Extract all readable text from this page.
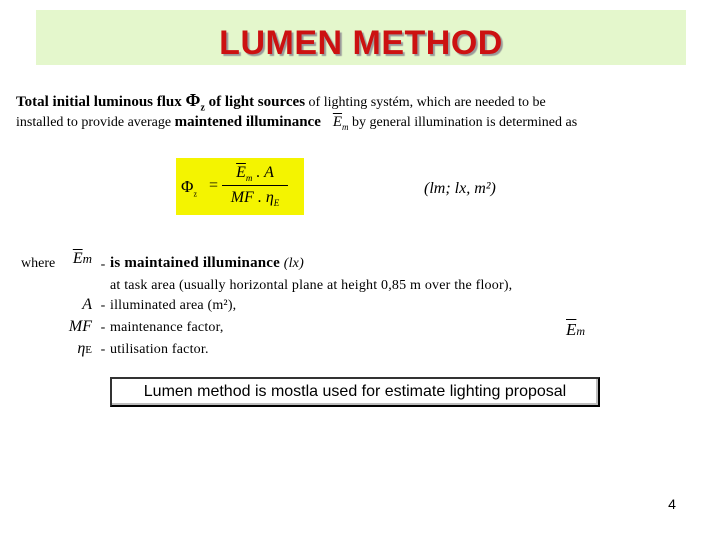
LUMEN METHOD
Total initial luminous flux $\Phi_z$ of light sources of lighting systém, which are needed to be
installed to provide average maintened illuminance $\overline{E}_m$ by general illumination is determined as
$\Phi_z = \frac{\overline{E}_m . A}{MF . \eta_E}$	(lm; lx, m²)
where	$\overline{E}m$ - is maintained illuminance (lx)
at task area (usually horizontal plane at height 0,85 m over the floor),
A - illuminated area (m²),
MF - maintenance factor,
ηE - utilisation factor.
$\overline{E}m$
Lumen method is mostla used for estimate lighting proposal
4
